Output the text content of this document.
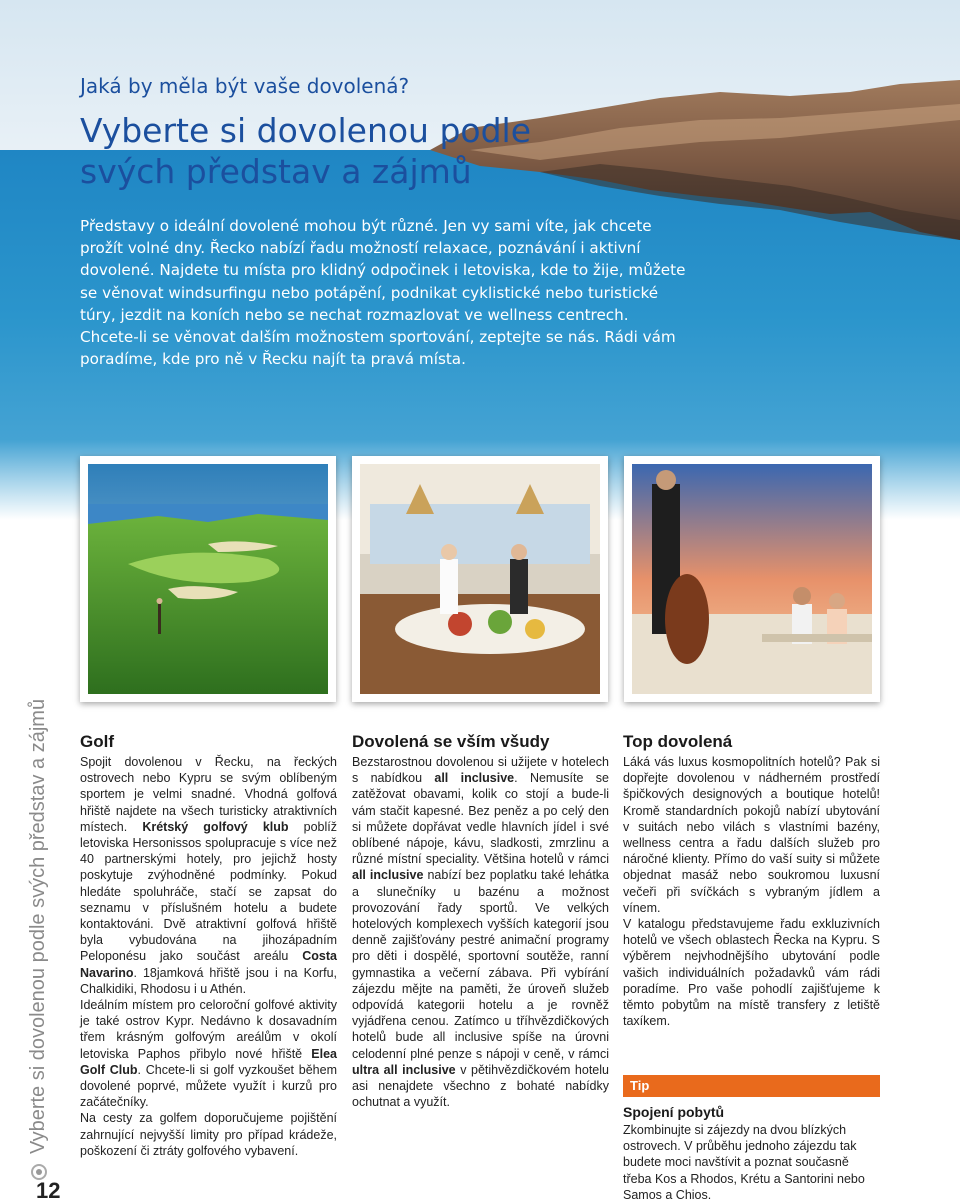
Jaká by měla být vaše dovolená?
Vyberte si dovolenou podle
svých představ a zájmů

Představy o ideální dovolené mohou být různé. Jen vy sami víte, jak chcete prožít volné dny. Řecko nabízí řadu možností relaxace, poznávání i aktivní dovolené. Najdete tu místa pro klidný odpočinek i letoviska, kde to žije, můžete se věnovat windsurfingu nebo potápění, podnikat cyklistické nebo turistické túry, jezdit na koních nebo se nechat rozmazlovat ve wellness centrech. Chcete-li se věnovat dalším možnostem sportování, zeptejte se nás. Rádi vám poradíme, kde pro ně v Řecku najít ta pravá místa.

Golf

Spojit dovolenou v Řecku, na řeckých ostrovech nebo Kypru se svým oblíbeným sportem je velmi snadné. Vhodná golfová hřiště najdete na všech turisticky atraktivních místech. Krétský golfový klub poblíž letoviska Hersonissos spolupracuje s více než 40 partnerskými hotely, pro jejichž hosty poskytuje zvýhodněné podmínky. Pokud hledáte spoluhráče, stačí se zapsat do seznamu v příslušném hotelu a budete kontaktováni. Dvě atraktivní golfová hřiště byla vybudována na jihozápadním Peloponésu jako součást areálu Costa Navarino. 18jamková hřiště jsou i na Korfu, Chalkidiki, Rhodosu i u Athén.

Ideálním místem pro celoroční golfové aktivity je také ostrov Kypr. Nedávno k dosavadním třem krásným golfovým areálům v okolí letoviska Paphos přibylo nové hřiště Elea Golf Club. Chcete-li si golf vyzkoušet během dovolené poprvé, můžete využít i kurzů pro začátečníky.

Na cesty za golfem doporučujeme pojištění zahrnující nejvyšší limity pro případ krádeže, poškození či ztráty golfového vybavení.

Dovolená se vším všudy

Bezstarostnou dovolenou si užijete v hotelech s nabídkou all inclusive. Nemusíte se zatěžovat obavami, kolik co stojí a bude-li vám stačit kapesné. Bez peněz a po celý den si můžete dopřávat vedle hlavních jídel i své oblíbené nápoje, kávu, sladkosti, zmrzlinu a různé místní speciality. Většina hotelů v rámci all inclusive nabízí bez poplatku také lehátka a slunečníky u bazénu a možnost provozování řady sportů. Ve velkých hotelových komplexech vyšších kategorií jsou denně zajišťovány pestré animační programy pro děti i dospělé, sportovní soutěže, ranní gymnastika a večerní zábava. Při vybírání zájezdu mějte na paměti, že úroveň služeb odpovídá kategorii hotelu a je rovněž vyjádřena cenou. Zatímco u tříhvězdičkových hotelů bude all inclusive spíše na úrovni celodenní plné penze s nápoji v ceně, v rámci ultra all inclusive v pětihvězdičkovém hotelu asi nenajdete všechno z bohaté nabídky ochutnat a využít.

Top dovolená

Láká vás luxus kosmopolitních hotelů? Pak si dopřejte dovolenou v nádherném prostředí špičkových designových a boutique hotelů! Kromě standardních pokojů nabízí ubytování v suitách nebo vilách s vlastními bazény, wellness centra a řadu dalších služeb pro náročné klienty. Přímo do vaší suity si můžete objednat masáž nebo soukromou luxusní večeři při svíčkách s vybraným jídlem a vínem.

V katalogu představujeme řadu exkluzivních hotelů ve všech oblastech Řecka na Kypru. S výběrem nejvhodnějšího ubytování podle vašich individuálních požadavků vám rádi poradíme. Pro vaše pohodlí zajišťujeme k těmto pobytům na místě transfery z letiště taxíkem.

Tip
Spojení pobytů

Zkombinujte si zájezdy na dvou blízkých ostrovech. V průběhu jednoho zájezdu tak budete moci navštívit a poznat současně třeba Kos a Rhodos, Krétu a Santorini nebo Samos a Chios.

Vyberte si dovolenou podle svých představ a zájmů
12
